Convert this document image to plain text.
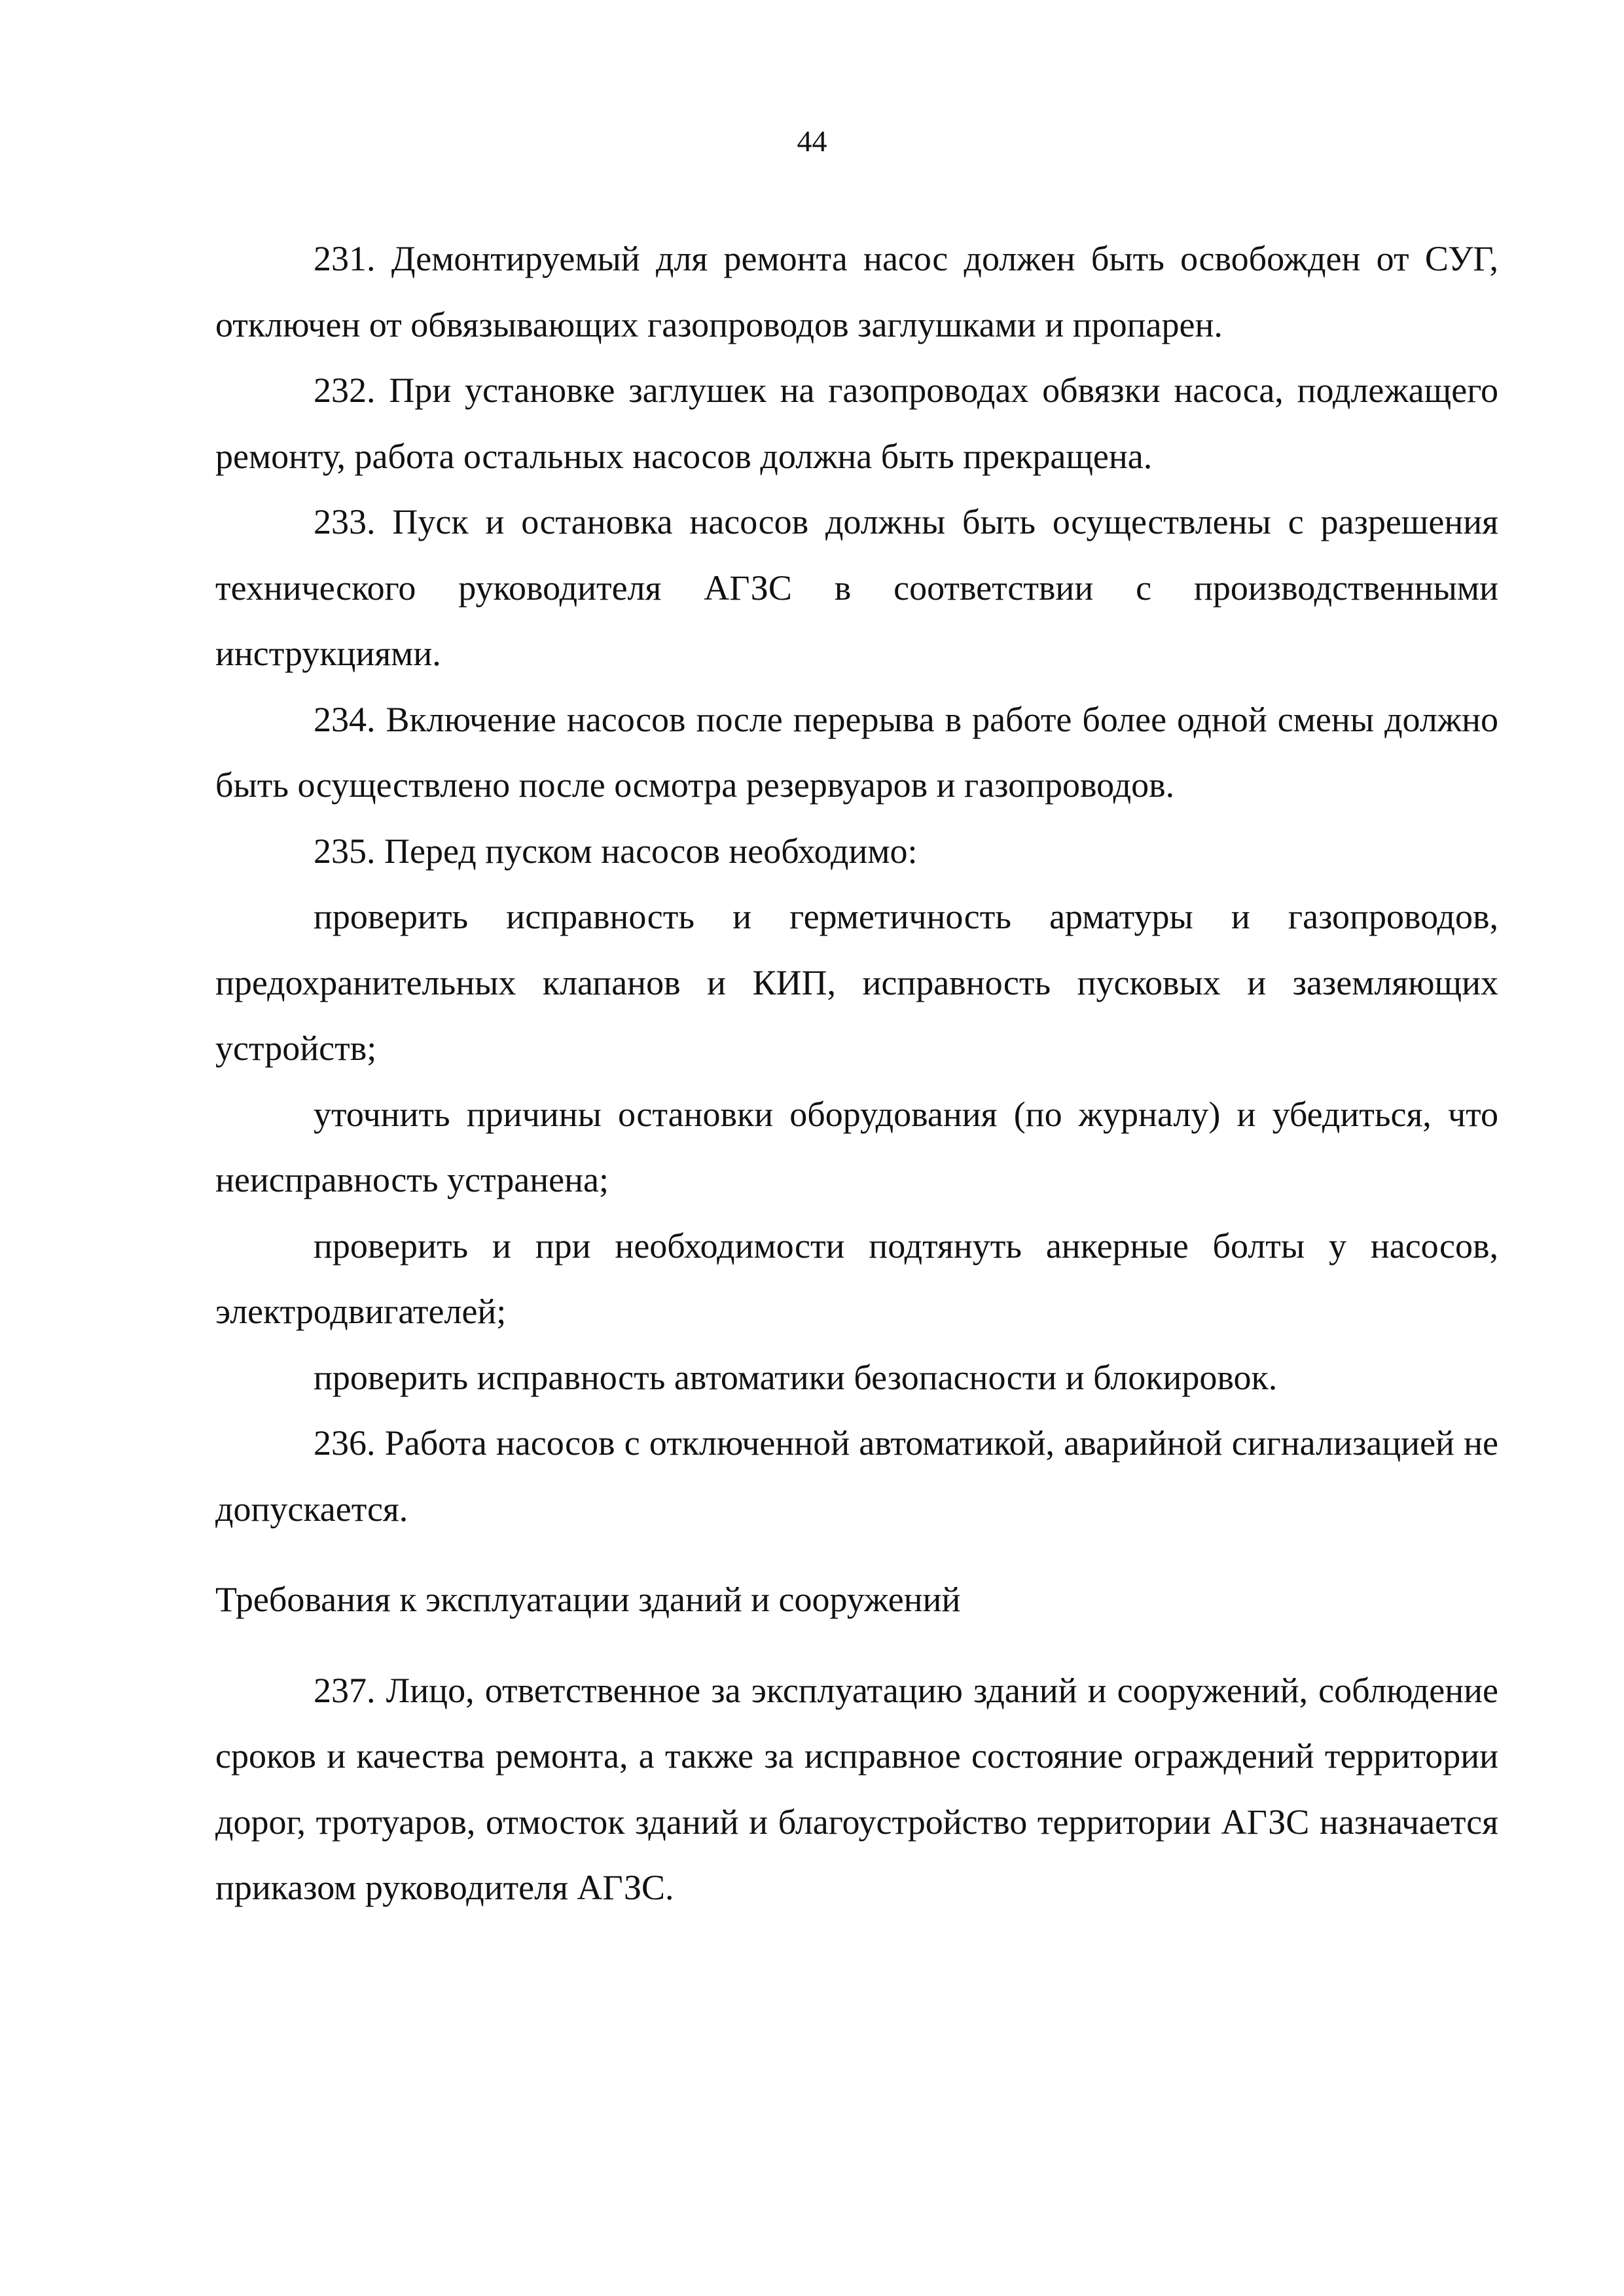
44

231. Демонтируемый для ремонта насос должен быть освобожден от СУГ, отключен от обвязывающих газопроводов заглушками и пропарен.

232. При установке заглушек на газопроводах обвязки насоса, подлежащего ремонту, работа остальных насосов должна быть прекращена.

233. Пуск и остановка насосов должны быть осуществлены с разрешения технического руководителя АГЗС в соответствии с производственными инструкциями.

234. Включение насосов после перерыва в работе более одной смены должно быть осуществлено после осмотра резервуаров и газопроводов.

235. Перед пуском насосов необходимо:

проверить исправность и герметичность арматуры и газопроводов, предохранительных клапанов и КИП, исправность пусковых и заземляющих устройств;

уточнить причины остановки оборудования (по журналу) и убедиться, что неисправность устранена;

проверить и при необходимости подтянуть анкерные болты у насосов, электродвигателей;

проверить исправность автоматики безопасности и блокировок.

236. Работа насосов с отключенной автоматикой, аварийной сигнализацией не допускается.

Требования к эксплуатации зданий и сооружений

237. Лицо, ответственное за эксплуатацию зданий и сооружений, соблюдение сроков и качества ремонта, а также за исправное состояние ограждений территории дорог, тротуаров, отмосток зданий и благоустройство территории АГЗС назначается приказом руководителя АГЗС.
